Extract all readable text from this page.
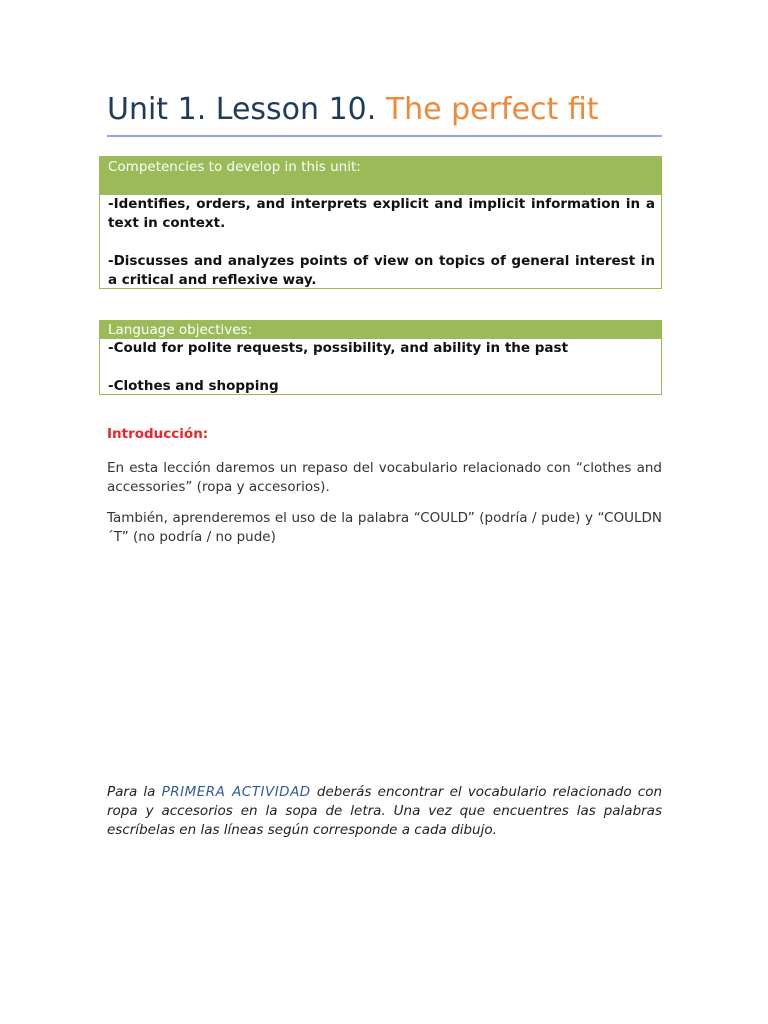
Unit 1. Lesson 10. The perfect fit
Competencies to develop in this unit:

-Identifies, orders, and interprets explicit and implicit information in a text in context.

-Discusses and analyzes points of view on topics of general interest in a critical and reflexive way.

Language objectives:

-Could for polite requests, possibility, and ability in the past

-Clothes and shopping

Introducción:

En esta lección daremos un repaso del vocabulario relacionado con “clothes and accessories” (ropa y accesorios).

También, aprenderemos el uso de la palabra “COULD” (podría / pude) y “COULDN´T” (no podría / no pude)

Para la PRIMERA ACTIVIDAD deberás encontrar el vocabulario relacionado con ropa y accesorios en la sopa de letra. Una vez que encuentres las palabras escríbelas en las líneas según corresponde a cada dibujo.
